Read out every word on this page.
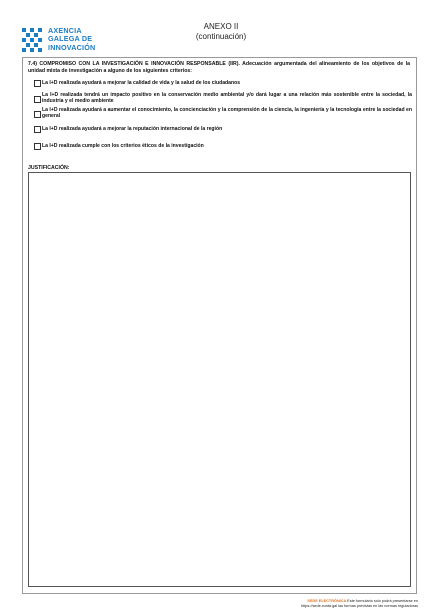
AXENCIA
GALEGA DE
INNOVACIÓN
ANEXO II
(continuación)
7.4) COMPROMISO CON LA INVESTIGACIÓN E INNOVACIÓN RESPONSABLE (IIR). Adecuación argumentada del alineamiento de los objetivos de la unidad mixta de investigación a alguno de los siguientes criterios:
La I+D realizada ayudará a mejorar la calidad de vida y la salud de los ciudadanos
La I+D realizada tendrá un impacto positivo en la conservación medio ambiental y/o dará lugar a una relación más sostenible entre la sociedad, la industria y el medio ambiente
La I+D realizada ayudará a aumentar el conocimiento, la concienciación y la comprensión de la ciencia, la ingeniería y la tecnología entre la sociedad en general
La I+D realizada ayudará a mejorar la reputación internacional de la región
La I+D realizada cumple con los criterios éticos de la investigación
JUSTIFICACIÓN:
SEDE ELECTRÓNICA Este formulario solo podrá presentarse en
https://sede.xunta.gal las formas previstas en las normas reguladoras
